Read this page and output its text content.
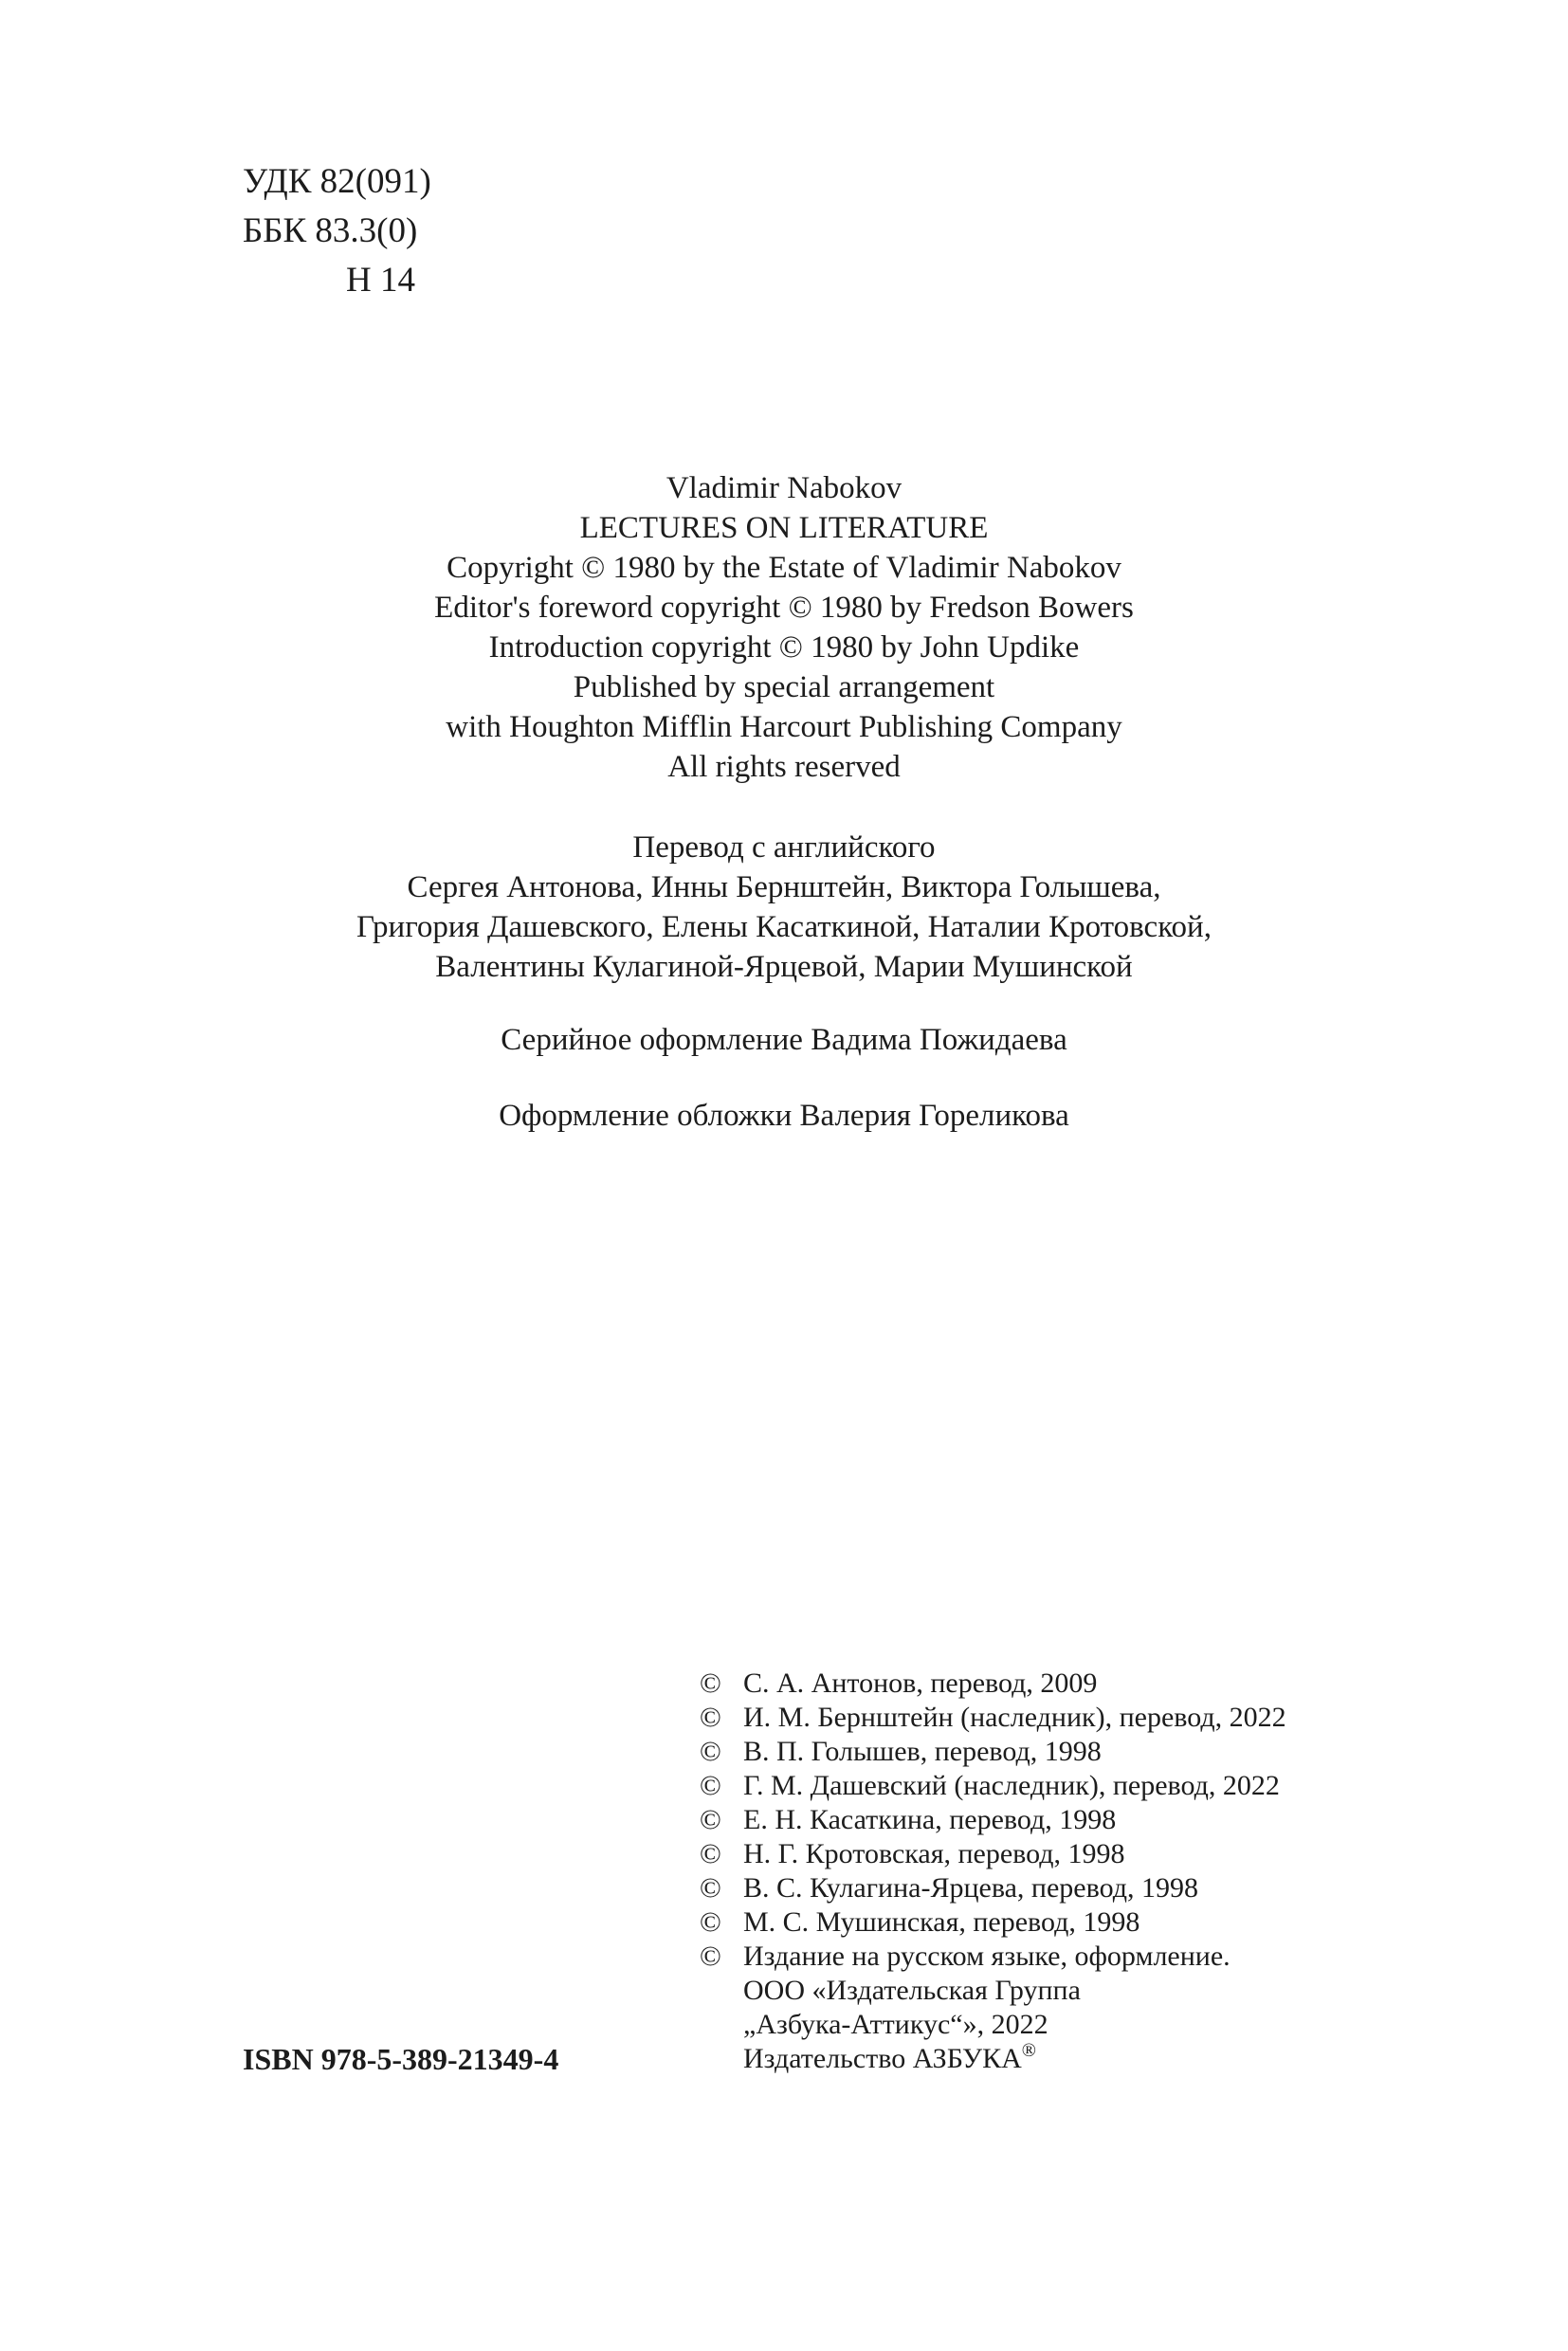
УДК 82(091)
ББК 83.3(0)
Н 14
Vladimir Nabokov
LECTURES ON LITERATURE
Copyright © 1980 by the Estate of Vladimir Nabokov
Editor's foreword copyright © 1980 by Fredson Bowers
Introduction copyright © 1980 by John Updike
Published by special arrangement
with Houghton Mifflin Harcourt Publishing Company
All rights reserved
Перевод с английского
Сергея Антонова, Инны Бернштейн, Виктора Голышева,
Григория Дашевского, Елены Касаткиной, Наталии Кротовской,
Валентины Кулагиной-Ярцевой, Марии Мушинской
Серийное оформление Вадима Пожидаева
Оформление обложки Валерия Гореликова
© С. А. Антонов, перевод, 2009
© И. М. Бернштейн (наследник), перевод, 2022
© В. П. Голышев, перевод, 1998
© Г. М. Дашевский (наследник), перевод, 2022
© Е. Н. Касаткина, перевод, 1998
© Н. Г. Кротовская, перевод, 1998
© В. С. Кулагина-Ярцева, перевод, 1998
© М. С. Мушинская, перевод, 1998
© Издание на русском языке, оформление.
ООО «Издательская Группа
„Азбука-Аттикус“», 2022
Издательство АЗБУКА®
ISBN 978-5-389-21349-4
